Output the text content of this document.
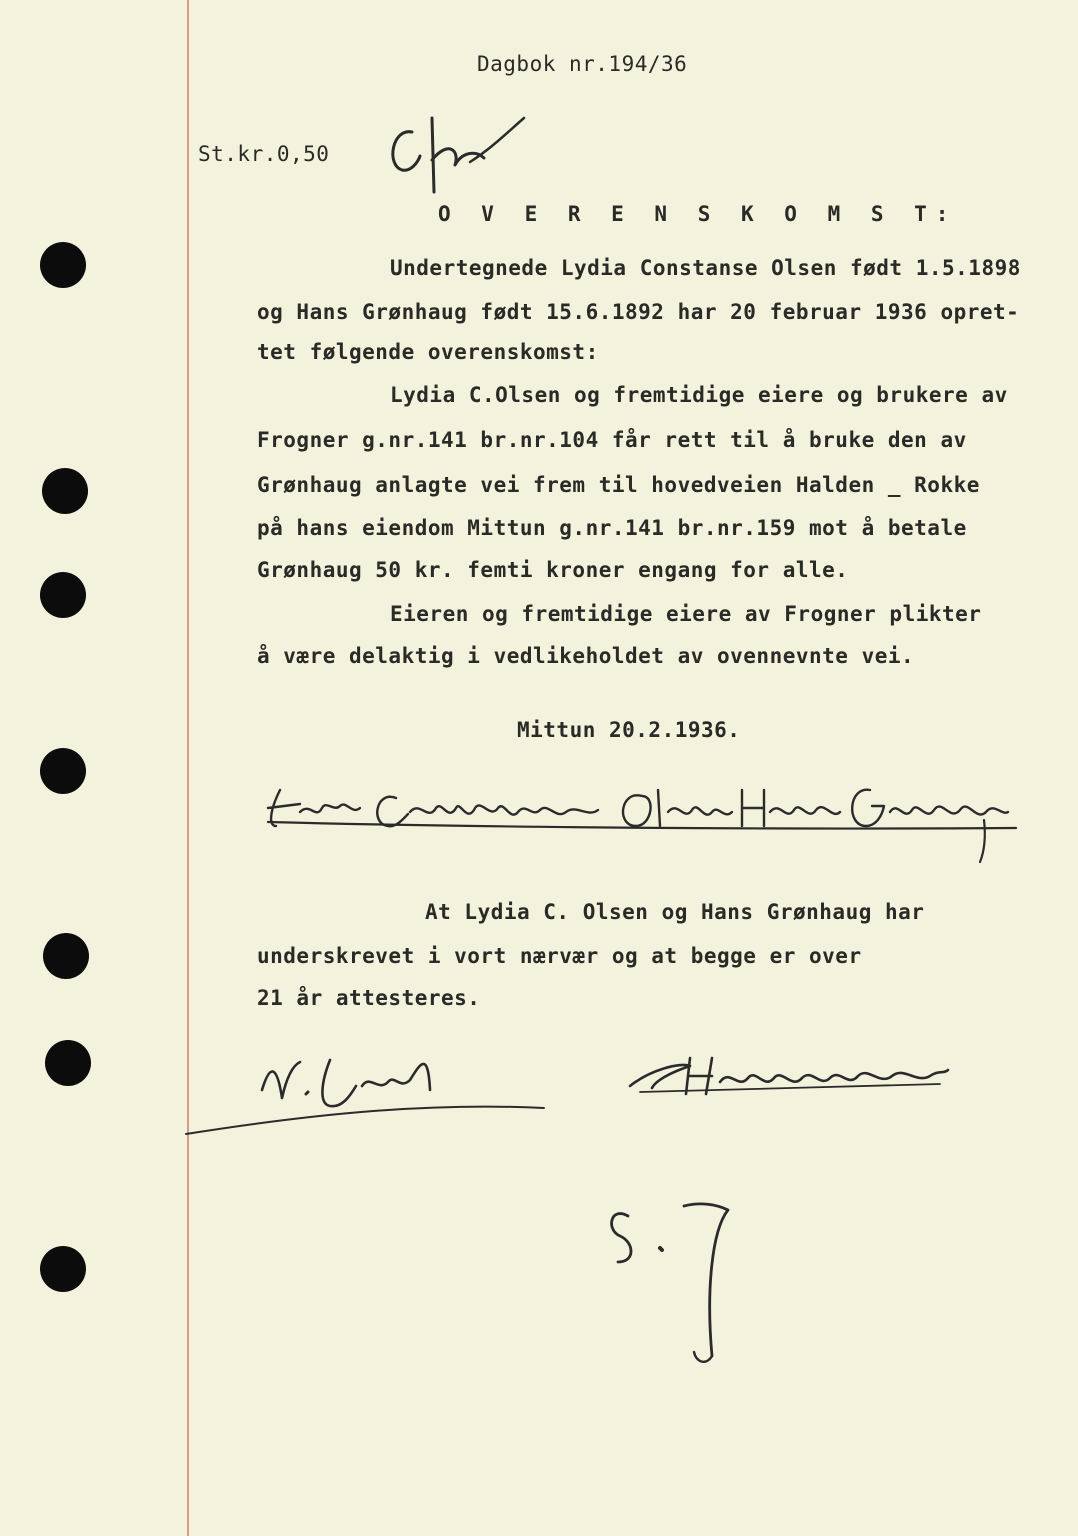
Dagbok nr.194/36
St.kr.0,50
O V E R E N S K O M S T:
Undertegnede Lydia Constanse Olsen født 1.5.1898
og Hans Grønhaug født 15.6.1892 har 20 februar 1936 opret-
tet følgende overenskomst:
Lydia C.Olsen og fremtidige eiere og brukere av
Frogner g.nr.141 br.nr.104 får rett til å bruke den av
Grønhaug anlagte vei frem til hovedveien Halden _ Rokke
på hans eiendom Mittun g.nr.141 br.nr.159 mot å betale
Grønhaug 50 kr. femti kroner engang for alle.
Eieren og fremtidige eiere av Frogner plikter
å være delaktig i vedlikeholdet av ovennevnte vei.
Mittun 20.2.1936.
At Lydia C. Olsen og Hans Grønhaug har
underskrevet i vort nærvær og at begge er over
21 år attesteres.
